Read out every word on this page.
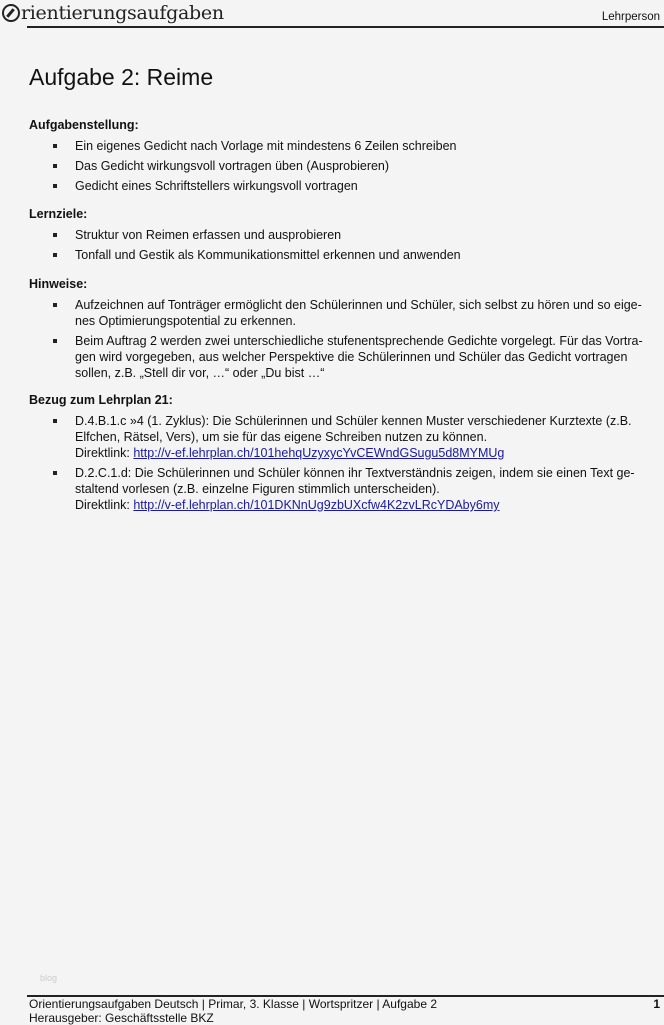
rientierungsaufgaben	Lehrperson
Aufgabe 2: Reime
Aufgabenstellung:
Ein eigenes Gedicht nach Vorlage mit mindestens 6 Zeilen schreiben
Das Gedicht wirkungsvoll vortragen üben (Ausprobieren)
Gedicht eines Schriftstellers wirkungsvoll vortragen
Lernziele:
Struktur von Reimen erfassen und ausprobieren
Tonfall und Gestik als Kommunikationsmittel erkennen und anwenden
Hinweise:
Aufzeichnen auf Tonträger ermöglicht den Schülerinnen und Schüler, sich selbst zu hören und so eige-nes Optimierungspotential zu erkennen.
Beim Auftrag 2 werden zwei unterschiedliche stufenentsprechende Gedichte vorgelegt. Für das Vortra-gen wird vorgegeben, aus welcher Perspektive die Schülerinnen und Schüler das Gedicht vortragen sollen, z.B. „Stell dir vor, …“ oder „Du bist …“
Bezug zum Lehrplan 21:
D.4.B.1.c »4 (1. Zyklus): Die Schülerinnen und Schüler kennen Muster verschiedener Kurztexte (z.B. Elfchen, Rätsel, Vers), um sie für das eigene Schreiben nutzen zu können.
Direktlink: http://v-ef.lehrplan.ch/101hehqUzyxycYvCEWndGSugu5d8MYMUg
D.2.C.1.d: Die Schülerinnen und Schüler können ihr Textverständnis zeigen, indem sie einen Text ge-staltend vorlesen (z.B. einzelne Figuren stimmlich unterscheiden).
Direktlink: http://v-ef.lehrplan.ch/101DKNnUg9zbUXcfw4K2zvLRcYDAby6my
blog
Orientierungsaufgaben Deutsch | Primar, 3. Klasse | Wortspritzer | Aufgabe 2
Herausgeber: Geschäftsstelle BKZ
1
